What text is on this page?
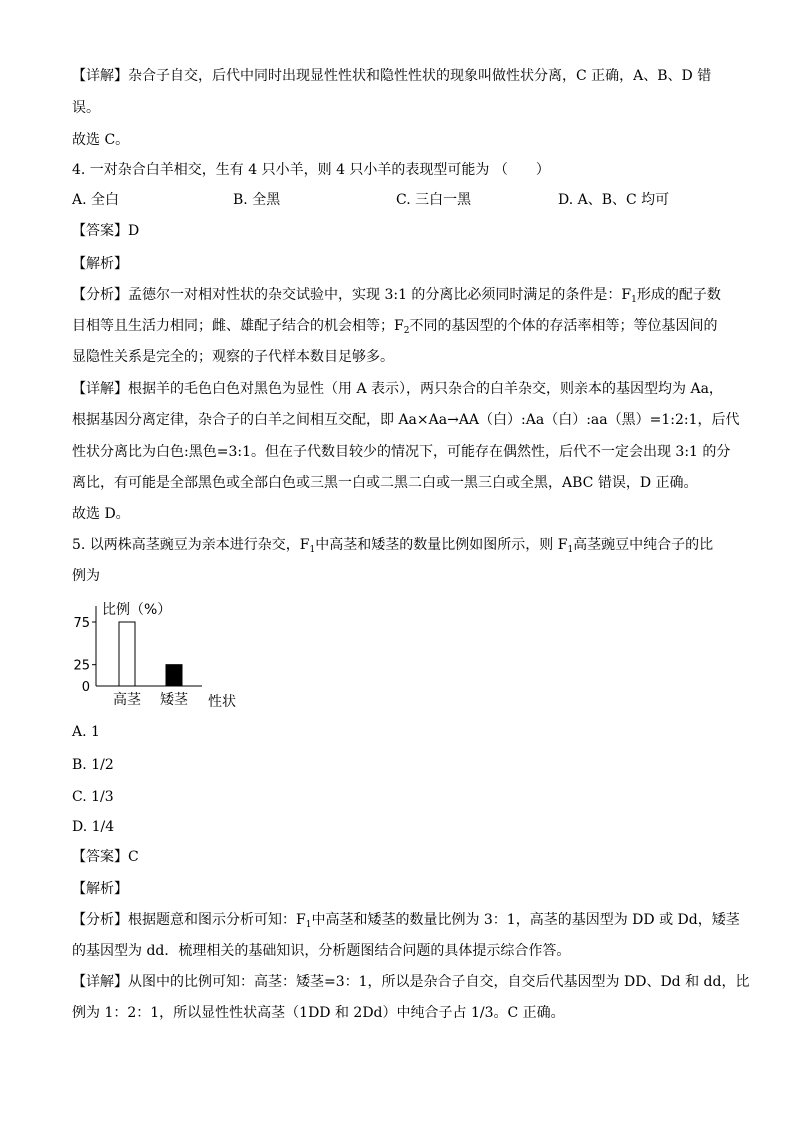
【详解】杂合子自交，后代中同时出现显性性状和隐性性状的现象叫做性状分离，C 正确，A、B、D 错
误。
故选 C。
4. 一对杂合白羊相交，生有 4 只小羊，则 4 只小羊的表现型可能为 （　　）
A. 全白	B. 全黑	C. 三白一黑	D. A、B、C 均可
【答案】D
【解析】
【分析】孟德尔一对相对性状的杂交试验中，实现 3:1 的分离比必须同时满足的条件是：$F_1$形成的配子数
目相等且生活力相同；雌、雄配子结合的机会相等；$F_2$不同的基因型的个体的存活率相等；等位基因间的
显隐性关系是完全的；观察的子代样本数目足够多。
【详解】根据羊的毛色白色对黑色为显性（用 A 表示），两只杂合的白羊杂交，则亲本的基因型均为 Aa，
根据基因分离定律，杂合子的白羊之间相互交配，即 Aa×Aa→AA（白）:Aa（白）:aa（黑）=1:2:1，后代
性状分离比为白色:黑色=3:1。但在子代数目较少的情况下，可能存在偶然性，后代不一定会出现 3:1 的分
离比，有可能是全部黑色或全部白色或三黑一白或二黑二白或一黑三白或全黑，ABC 错误，D 正确。
故选 D。
5. 以两株高茎豌豆为亲本进行杂交，$F_1$中高茎和矮茎的数量比例如图所示，则 $F_1$高茎豌豆中纯合子的比
例为
比例（%）
75
25
0
高茎 矮茎 性状
A. 1
B. 1/2
C. 1/3
D. 1/4
【答案】C
【解析】
【分析】根据题意和图示分析可知：$F_1$中高茎和矮茎的数量比例为 3：1，高茎的基因型为 DD 或 Dd，矮茎
的基因型为 dd．梳理相关的基础知识，分析题图结合问题的具体提示综合作答。
【详解】从图中的比例可知：高茎：矮茎=3：1，所以是杂合子自交，自交后代基因型为 DD、Dd 和 dd，比
例为 1：2：1，所以显性性状高茎（1DD 和 2Dd）中纯合子占 1/3。C 正确。
